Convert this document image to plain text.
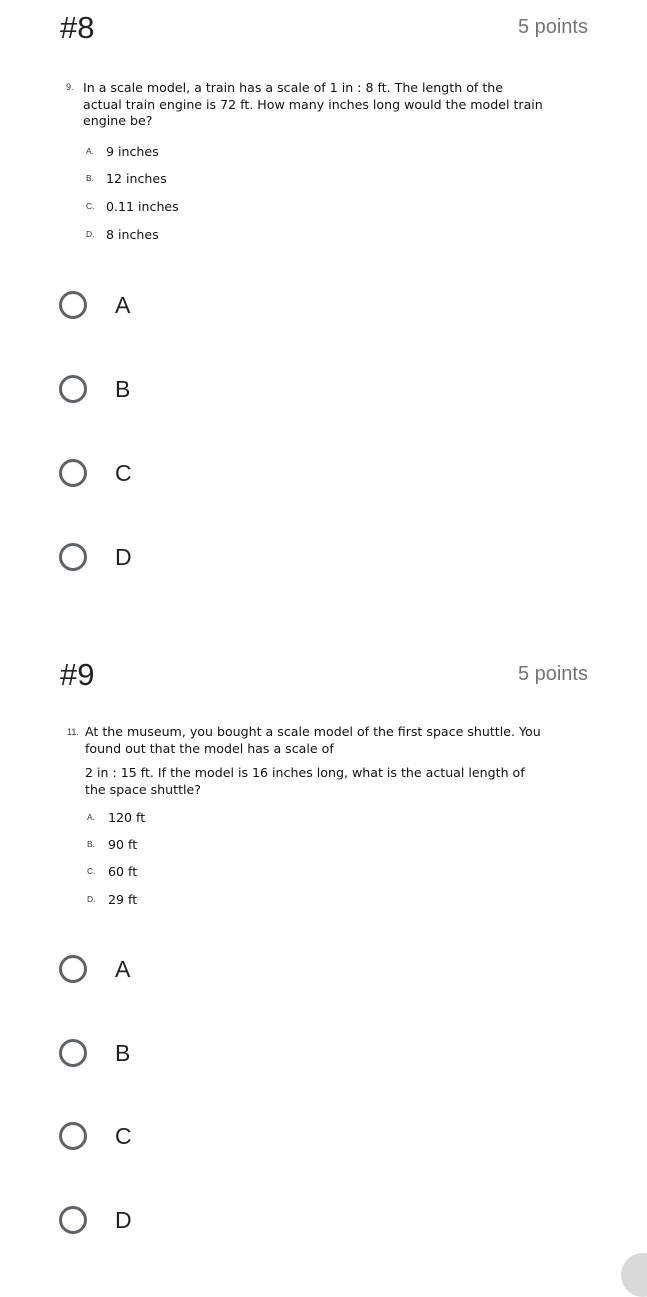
#8	5 points
9. In a scale model, a train has a scale of 1 in : 8 ft. The length of the
actual train engine is 72 ft. How many inches long would the model train
engine be?
A. 9 inches
B. 12 inches
C. 0.11 inches
D. 8 inches
A
B
C
D
#9	5 points
11. At the museum, you bought a scale model of the first space shuttle. You
found out that the model has a scale of
2 in : 15 ft. If the model is 16 inches long, what is the actual length of
the space shuttle?
A. 120 ft
B. 90 ft
C. 60 ft
D. 29 ft
A
B
C
D
